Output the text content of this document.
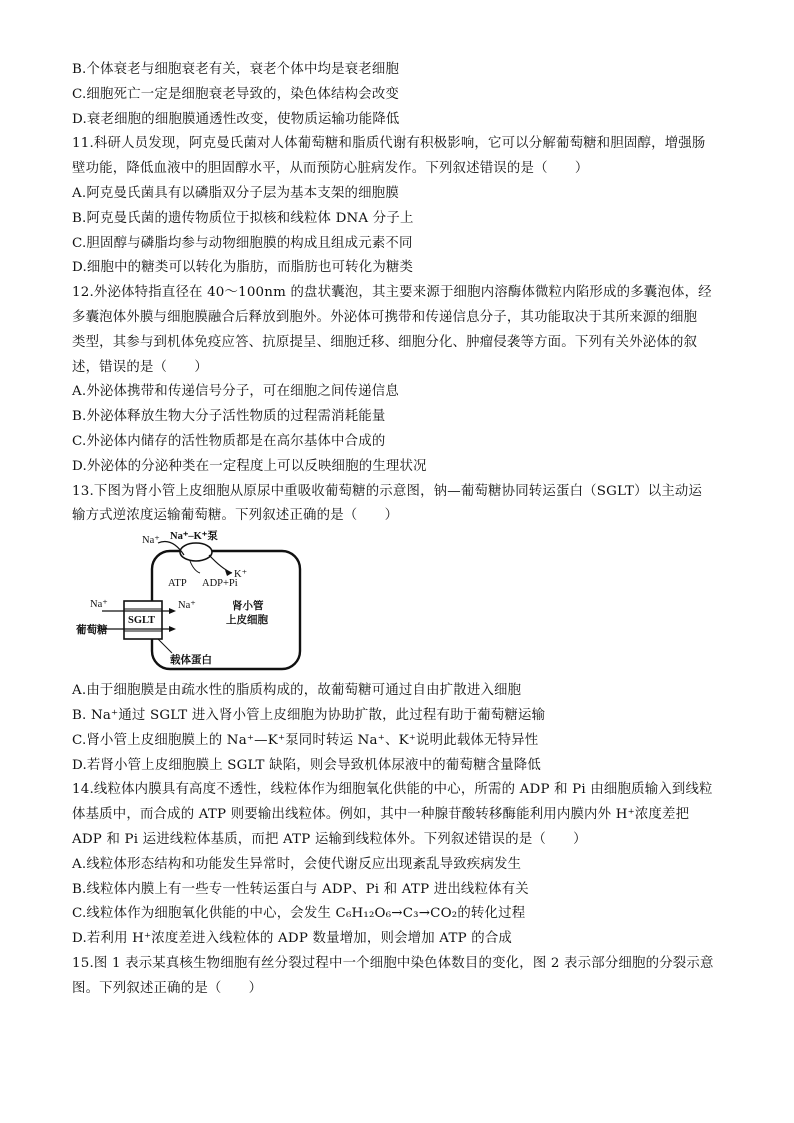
B.个体衰老与细胞衰老有关，衰老个体中均是衰老细胞
C.细胞死亡一定是细胞衰老导致的，染色体结构会改变
D.衰老细胞的细胞膜通透性改变，使物质运输功能降低
11.科研人员发现，阿克曼氏菌对人体葡萄糖和脂质代谢有积极影响，它可以分解葡萄糖和胆固醇，增强肠
壁功能，降低血液中的胆固醇水平，从而预防心脏病发作。下列叙述错误的是（　　）
A.阿克曼氏菌具有以磷脂双分子层为基本支架的细胞膜
B.阿克曼氏菌的遗传物质位于拟核和线粒体 DNA 分子上
C.胆固醇与磷脂均参与动物细胞膜的构成且组成元素不同
D.细胞中的糖类可以转化为脂肪，而脂肪也可转化为糖类
12.外泌体特指直径在 40～100nm 的盘状囊泡，其主要来源于细胞内溶酶体微粒内陷形成的多囊泡体，经
多囊泡体外膜与细胞膜融合后释放到胞外。外泌体可携带和传递信息分子，其功能取决于其所来源的细胞
类型，其参与到机体免疫应答、抗原提呈、细胞迁移、细胞分化、肿瘤侵袭等方面。下列有关外泌体的叙
述，错误的是（　　）
A.外泌体携带和传递信号分子，可在细胞之间传递信息
B.外泌体释放生物大分子活性物质的过程需消耗能量
C.外泌体内储存的活性物质都是在高尔基体中合成的
D.外泌体的分泌种类在一定程度上可以反映细胞的生理状况
13.下图为肾小管上皮细胞从原尿中重吸收葡萄糖的示意图，钠—葡萄糖协同转运蛋白（SGLT）以主动运
输方式逆浓度运输葡萄糖。下列叙述正确的是（　　）
Na⁺ Na⁺–K⁺泵
K⁺
ATP ADP+Pi
Na⁺	Na⁺
SGLT
葡萄糖
肾小管
上皮细胞
载体蛋白
A.由于细胞膜是由疏水性的脂质构成的，故葡萄糖可通过自由扩散进入细胞
B. Na⁺通过 SGLT 进入肾小管上皮细胞为协助扩散，此过程有助于葡萄糖运输
C.肾小管上皮细胞膜上的 Na⁺—K⁺泵同时转运 Na⁺、K⁺说明此载体无特异性
D.若肾小管上皮细胞膜上 SGLT 缺陷，则会导致机体尿液中的葡萄糖含量降低
14.线粒体内膜具有高度不透性，线粒体作为细胞氧化供能的中心，所需的 ADP 和 Pi 由细胞质输入到线粒
体基质中，而合成的 ATP 则要输出线粒体。例如，其中一种腺苷酸转移酶能利用内膜内外 H⁺浓度差把
ADP 和 Pi 运进线粒体基质，而把 ATP 运输到线粒体外。下列叙述错误的是（　　）
A.线粒体形态结构和功能发生异常时，会使代谢反应出现紊乱导致疾病发生
B.线粒体内膜上有一些专一性转运蛋白与 ADP、Pi 和 ATP 进出线粒体有关
C.线粒体作为细胞氧化供能的中心，会发生 C₆H₁₂O₆→C₃→CO₂的转化过程
D.若利用 H⁺浓度差进入线粒体的 ADP 数量增加，则会增加 ATP 的合成
15.图 1 表示某真核生物细胞有丝分裂过程中一个细胞中染色体数目的变化，图 2 表示部分细胞的分裂示意
图。下列叙述正确的是（　　）
